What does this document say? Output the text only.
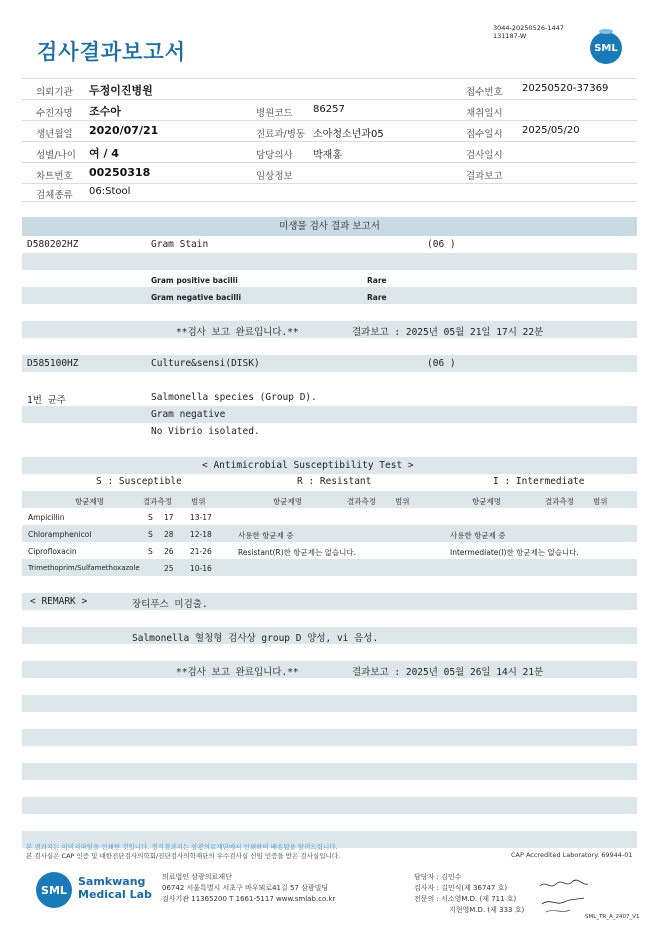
검사결과보고서
3044-20250526-1447
131187-W
SML
의뢰기관 두정이진병원	접수번호 20250520-37369
수진자명 조수아	병원코드 86257	채취일시
생년월일 2020/07/21	진료과/병동 소아청소년과05	접수일시 2025/05/20
성별/나이 여 / 4	담당의사 박재홍	검사일시
차트번호 00250318	임상정보	결과보고
검체종류 06:Stool
미생물 검사 결과 보고서
D580202HZ	Gram Stain	(06 )
Gram positive bacilli	Rare
Gram negative bacilli	Rare
**검사 보고 완료입니다.**	결과보고 : 2025년 05월 21일 17시 22분
D585100HZ	Culture&sensi(DISK)	(06 )
1번 균주	Salmonella species (Group D).
Gram negative
No Vibrio isolated.
< Antimicrobial Susceptibility Test >
S : Susceptible	R : Resistant	I : Intermediate
항균제명	결과측정	범위	항균제명	결과측정	범위	항균제명	결과측정	범위
Ampicillin	S 17 13-17
Chloramphenicol	S 28 12-18
Ciprofloxacin	S 26 21-26
Trimethoprim/Sulfamethoxazole	25 10-16
사용한 항균제 중
Resistant(R)한 항균제는 없습니다.
사용한 항균제 중
Intermediate(I)한 항균제는 없습니다.
< REMARK >	장티푸스 미검출.
Salmonella 혈청형 검사상 group D 양성, vi 음성.
**검사 보고 완료입니다.**	결과보고 : 2025년 05월 26일 14시 21분
본 결과지는 이미지파일을 인쇄한 것입니다. 정식결과지는 삼광의료재단에서 인쇄하여 배송됨을 알려드립니다.
본 검사실은 CAP 인증 및 대한진단검사의학회/진단검사의학재단의 우수검사실 신임 인증을 받은 검사실입니다.	CAP Accredited Laboratory. 69944-01
SML
Samkwang
Medical Lab
의료법인 삼광의료재단
06742 서울특별시 서초구 바우뫼로41길 57 삼광빌딩
검사기관 11365200 T 1661-5117 www.smlab.co.kr
담당자 : 김민수
검사자 : 김민식(제 36747 호)
전문의 : 서소영M.D. (제 711 호)
지현영M.D. (제 333 호)
SML_TR_A_2407_V1
